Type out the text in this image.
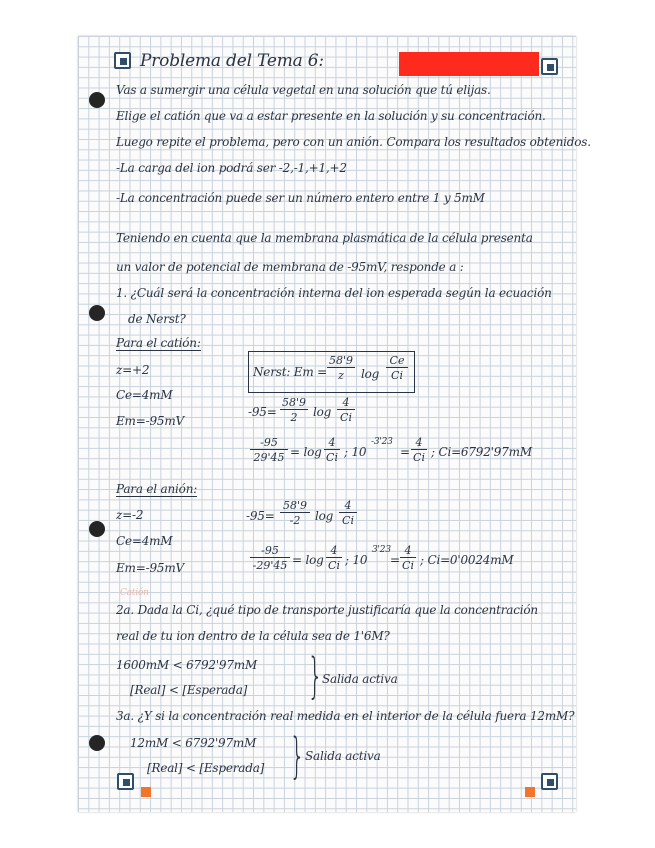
Problema del Tema 6:
Vas a sumergir una célula vegetal en una solución que tú elijas.
Elige el catión que va a estar presente en la solución y su concentración.
Luego repite el problema, pero con un anión. Compara los resultados obtenidos.
-La carga del ion podrá ser -2,-1,+1,+2
-La concentración puede ser un número entero entre 1 y 5mM
Teniendo en cuenta que la membrana plasmática de la célula presenta
un valor de potencial de membrana de -95mV, responde a :
1. ¿Cuál será la concentración interna del ion esperada según la ecuación
de Nerst?
Para el catión:
z=+2
Ce=4mM
Em=-95mV
Nerst: $Em = \frac{58'9}{z}$ $\log \frac{Ce}{Ci}$
$-95= \frac{58'9}{2}$ $\log \frac{4}{Ci}$
$\frac{-95}{29'45} = \log \frac{4}{Ci}$ ; 10
-3'23
= $\frac{4}{Ci}$ ; Ci=6792'97mM
Para el anión:
z=-2
Ce=4mM
Em=-95mV
$-95= \frac{58'9}{-2}$ $\log \frac{4}{Ci}$
$\frac{-95}{-29'45} = \log \frac{4}{Ci}$ ; 10
3'23
= $\frac{4}{Ci}$ ; Ci=0'0024mM
Catión
2a. Dada la Ci, ¿qué tipo de transporte justificaría que la concentración
real de tu ion dentro de la célula sea de 1'6M?
1600mM < 6792'97mM
[Real] < [Esperada] } Salida activa
3a. ¿Y si la concentración real medida en el interior de la célula fuera 12mM?
12mM < 6792'97mM
[Real] < [Esperada] } Salida activa
